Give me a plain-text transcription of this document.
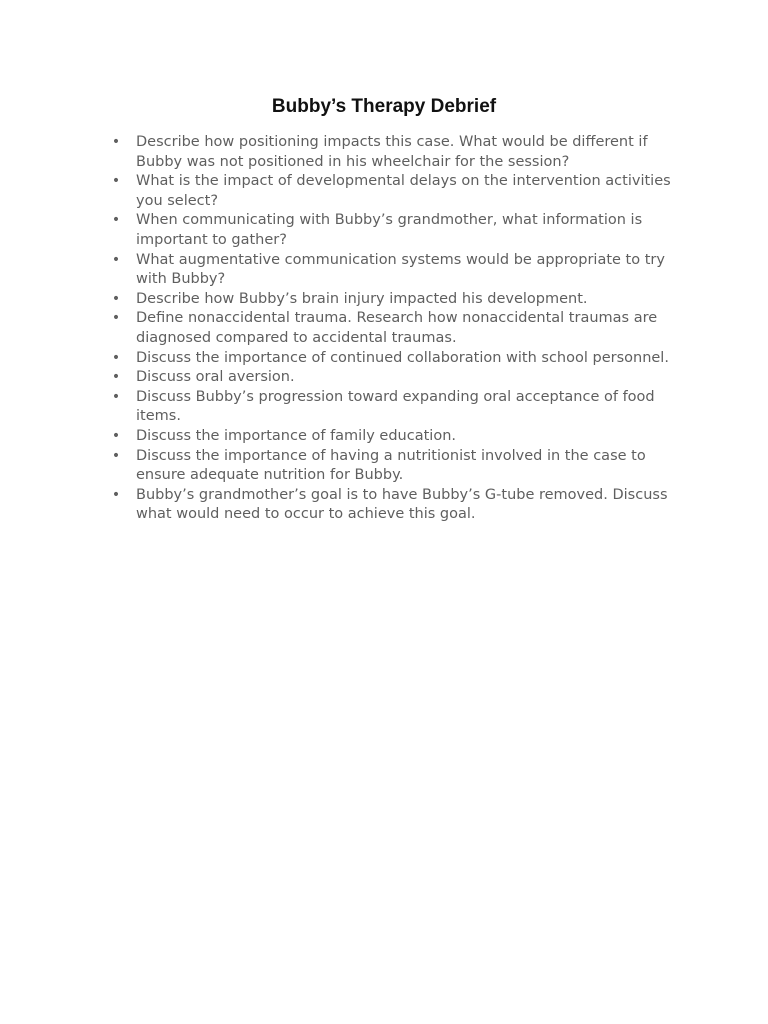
Bubby’s Therapy Debrief
• Describe how positioning impacts this case. What would be different if Bubby was not positioned in his wheelchair for the session?
• What is the impact of developmental delays on the intervention activities you select?
• When communicating with Bubby’s grandmother, what information is important to gather?
• What augmentative communication systems would be appropriate to try with Bubby?
• Describe how Bubby’s brain injury impacted his development.
• Define nonaccidental trauma. Research how nonaccidental traumas are diagnosed compared to accidental traumas.
• Discuss the importance of continued collaboration with school personnel.
• Discuss oral aversion.
• Discuss Bubby’s progression toward expanding oral acceptance of food items.
• Discuss the importance of family education.
• Discuss the importance of having a nutritionist involved in the case to ensure adequate nutrition for Bubby.
• Bubby’s grandmother’s goal is to have Bubby’s G-tube removed. Discuss what would need to occur to achieve this goal.
